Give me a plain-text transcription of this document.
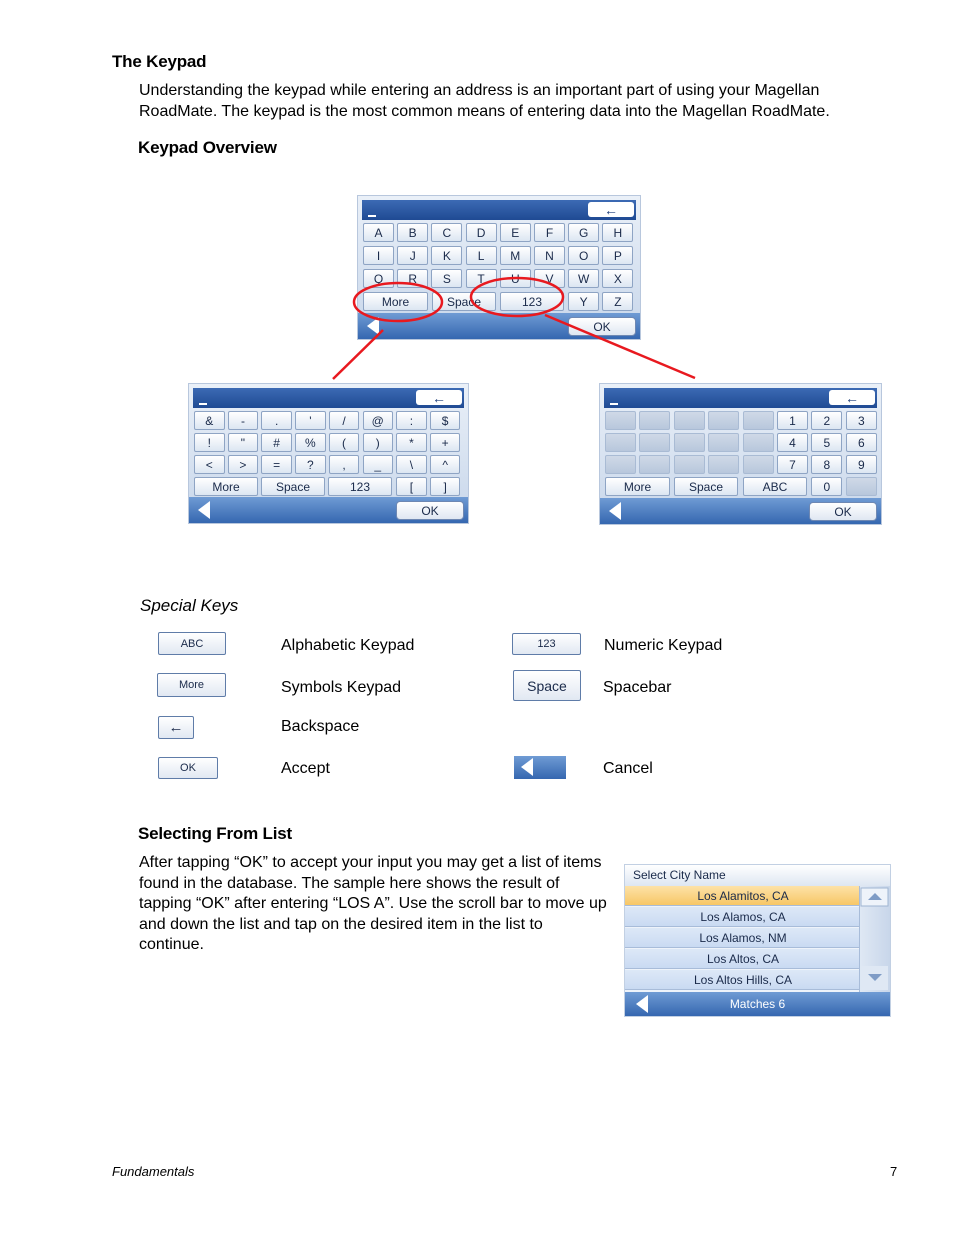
The Keypad
Understanding the keypad while entering an address is an important part of using your Magellan RoadMate. The keypad is the most common means of entering data into the Magellan RoadMate.
Keypad Overview
←
OK
A	B	C	D	E	F	G	H
I	J	K	L	M	N	O	P
Q	R	S	T	U	V	W	X
More	Space	123	Y	Z
←
OK
&	-	.	'	/	@	:	$
!	"	#	%	(	)	*	+
<	>	=	?	,	_	\	^
More	Space	123	[	]
←
OK
1	2	3
4	5	6
7	8	9
More	Space	ABC	0
Special Keys
ABC	Alphabetic Keypad	123	Numeric Keypad
More	Symbols Keypad	Space	Spacebar
←	Backspace
OK	Accept	Cancel
Selecting From List
After tapping “OK” to accept your input you may get a list of items found in the database. The sample here shows the result of tapping “OK” after entering “LOS A”. Use the scroll bar to move up and down the list and tap on the desired item in the list to continue.
Select City Name
Los Alamitos, CA
Los Alamos, CA
Los Alamos, NM
Los Altos, CA
Los Altos Hills, CA
Matches 6
Fundamentals	7
